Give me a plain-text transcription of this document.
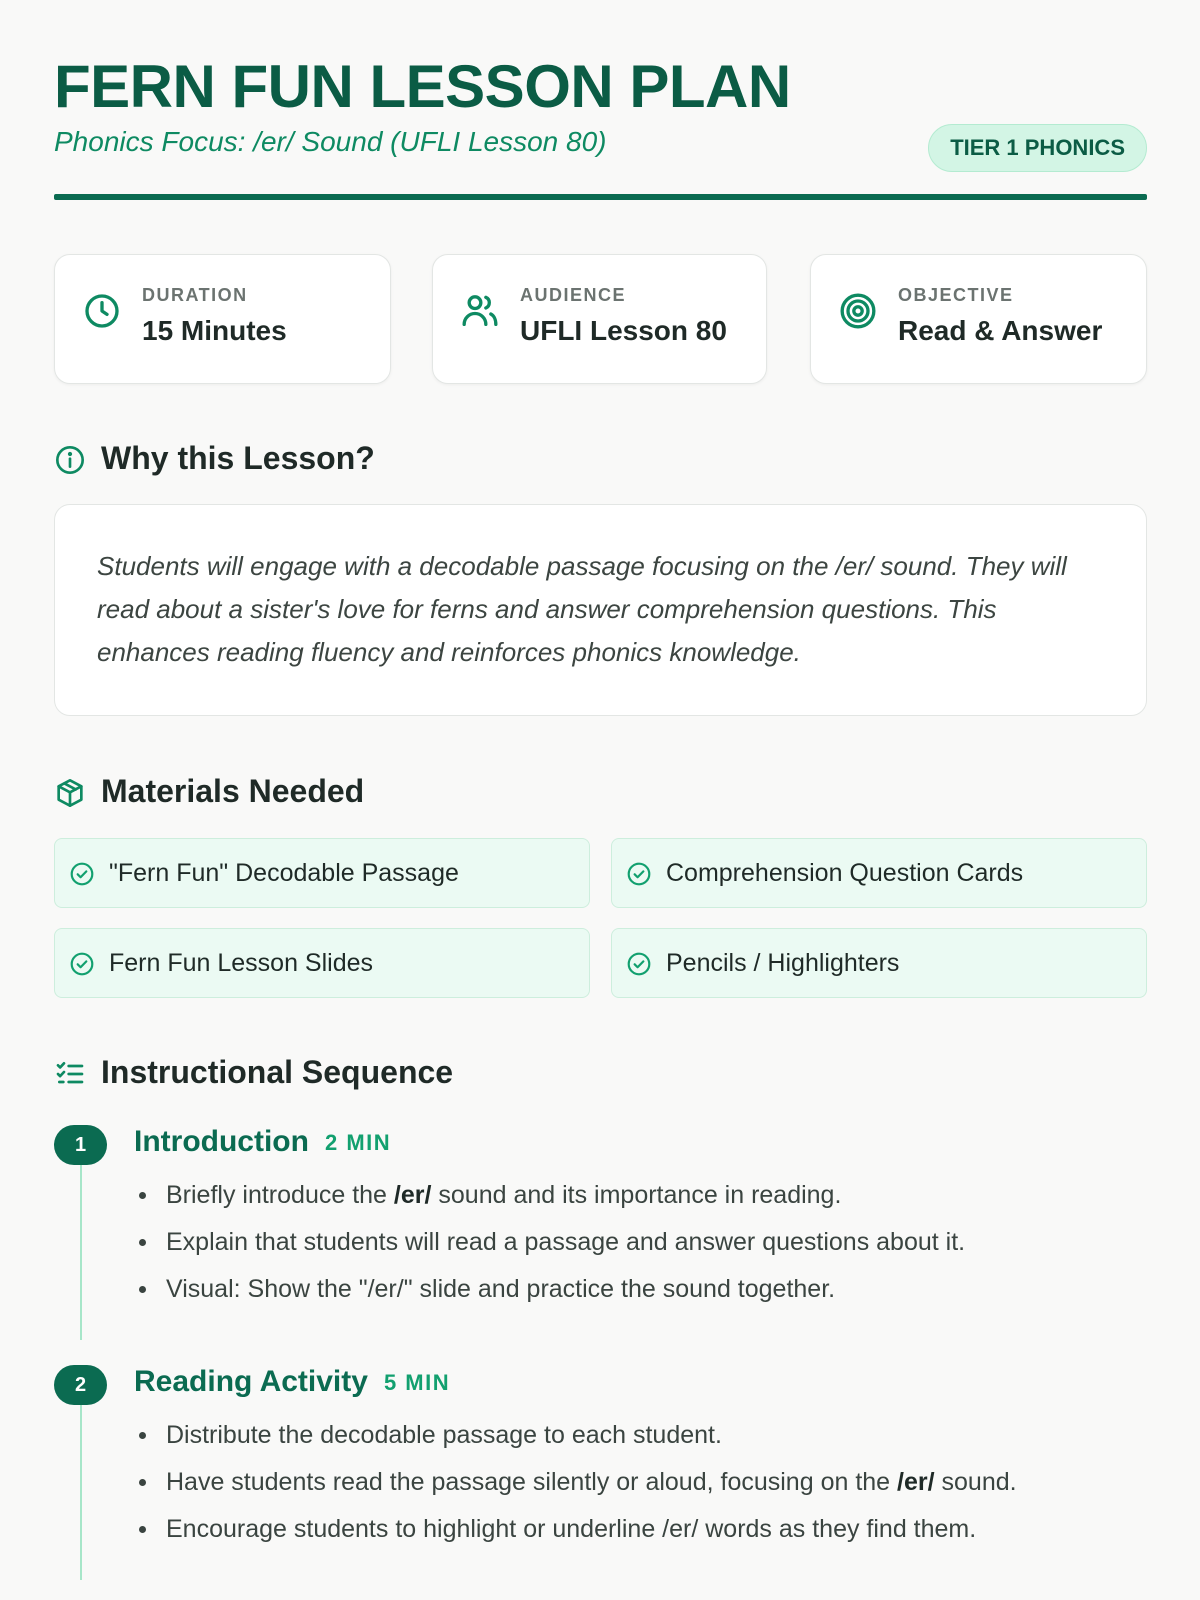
FERN FUN LESSON PLAN
Phonics Focus: /er/ Sound (UFLI Lesson 80)	TIER 1 PHONICS
DURATION
15 Minutes
AUDIENCE
UFLI Lesson 80
OBJECTIVE
Read & Answer
Why this Lesson?

Students will engage with a decodable passage focusing on the /er/ sound. They will read about a sister's love for ferns and answer comprehension questions. This enhances reading fluency and reinforces phonics knowledge.

Materials Needed
"Fern Fun" Decodable Passage	Comprehension Question Cards
Fern Fun Lesson Slides	Pencils / Highlighters
Instructional Sequence
1	Introduction 2 MIN
Briefly introduce the /er/ sound and its importance in reading.
Explain that students will read a passage and answer questions about it.
Visual: Show the "/er/" slide and practice the sound together.
2	Reading Activity 5 MIN
Distribute the decodable passage to each student.
Have students read the passage silently or aloud, focusing on the /er/ sound.
Encourage students to highlight or underline /er/ words as they find them.
